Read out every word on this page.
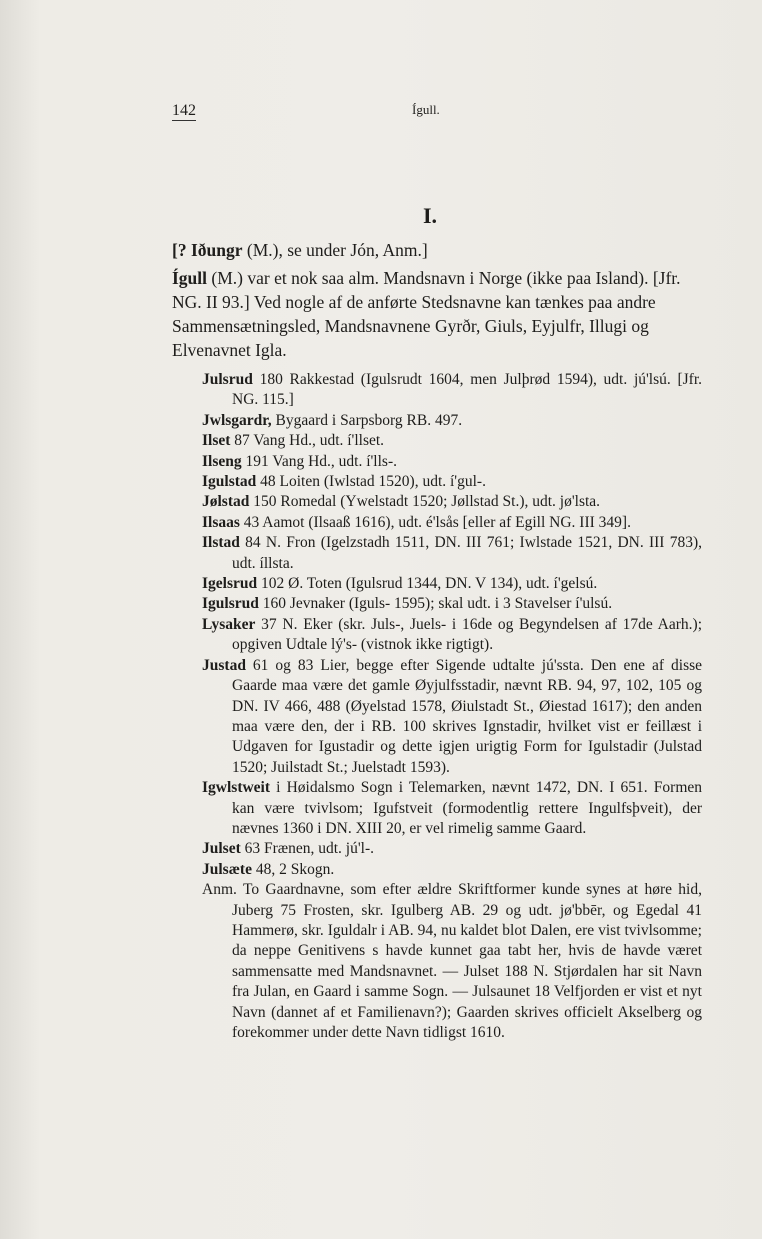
142	Ígull.
I.

[? Iðungr (M.), se under Jón, Anm.]

Ígull (M.) var et nok saa alm. Mandsnavn i Norge (ikke paa Island). [Jfr. NG. II 93.] Ved nogle af de anførte Stedsnavne kan tænkes paa andre Sammensætningsled, Mandsnavnene Gyrðr, Giuls, Eyjulfr, Illugi og Elvenavnet Igla.

Julsrud 180 Rakkestad (Igulsrudt 1604, men Julþrød 1594), udt. jú'lsú. [Jfr. NG. 115.]

Jwlsgardr, Bygaard i Sarpsborg RB. 497.

Ilset 87 Vang Hd., udt. í'llset.

Ilseng 191 Vang Hd., udt. í'lls-.

Igulstad 48 Loiten (Iwlstad 1520), udt. í'gul-.

Jølstad 150 Romedal (Ywelstadt 1520; Jøllstad St.), udt. jø'lsta.

Ilsaas 43 Aamot (Ilsaaß 1616), udt. é'lsås [eller af Egill NG. III 349].

Ilstad 84 N. Fron (Igelzstadh 1511, DN. III 761; Iwlstade 1521, DN. III 783), udt. íllsta.

Igelsrud 102 Ø. Toten (Igulsrud 1344, DN. V 134), udt. í'gelsú.

Igulsrud 160 Jevnaker (Iguls- 1595); skal udt. i 3 Stavelser í'ulsú.

Lysaker 37 N. Eker (skr. Juls-, Juels- i 16de og Begyndelsen af 17de Aarh.); opgiven Udtale lý's- (vistnok ikke rigtigt).

Justad 61 og 83 Lier, begge efter Sigende udtalte jú'ssta. Den ene af disse Gaarde maa være det gamle Øyjulfsstadir, nævnt RB. 94, 97, 102, 105 og DN. IV 466, 488 (Øyelstad 1578, Øiulstadt St., Øiestad 1617); den anden maa være den, der i RB. 100 skrives Ignstadir, hvilket vist er feillæst i Udgaven for Igustadir og dette igjen urigtig Form for Igulstadir (Julstad 1520; Juilstadt St.; Juelstadt 1593).

Igwlstweit i Høidalsmo Sogn i Telemarken, nævnt 1472, DN. I 651. Formen kan være tvivlsom; Igufstveit (formodentlig rettere Ingulfsþveit), der nævnes 1360 i DN. XIII 20, er vel rimelig samme Gaard.

Julset 63 Frænen, udt. jú'l-.

Julsæte 48, 2 Skogn.

Anm. To Gaardnavne, som efter ældre Skriftformer kunde synes at høre hid, Juberg 75 Frosten, skr. Igulberg AB. 29 og udt. jø'bbēr, og Egedal 41 Hammerø, skr. Iguldalr i AB. 94, nu kaldet blot Dalen, ere vist tvivlsomme; da neppe Genitivens s havde kunnet gaa tabt her, hvis de havde været sammensatte med Mandsnavnet. — Julset 188 N. Stjørdalen har sit Navn fra Julan, en Gaard i samme Sogn. — Julsaunet 18 Velfjorden er vist et nyt Navn (dannet af et Familienavn?); Gaarden skrives officielt Akselberg og forekommer under dette Navn tidligst 1610.
